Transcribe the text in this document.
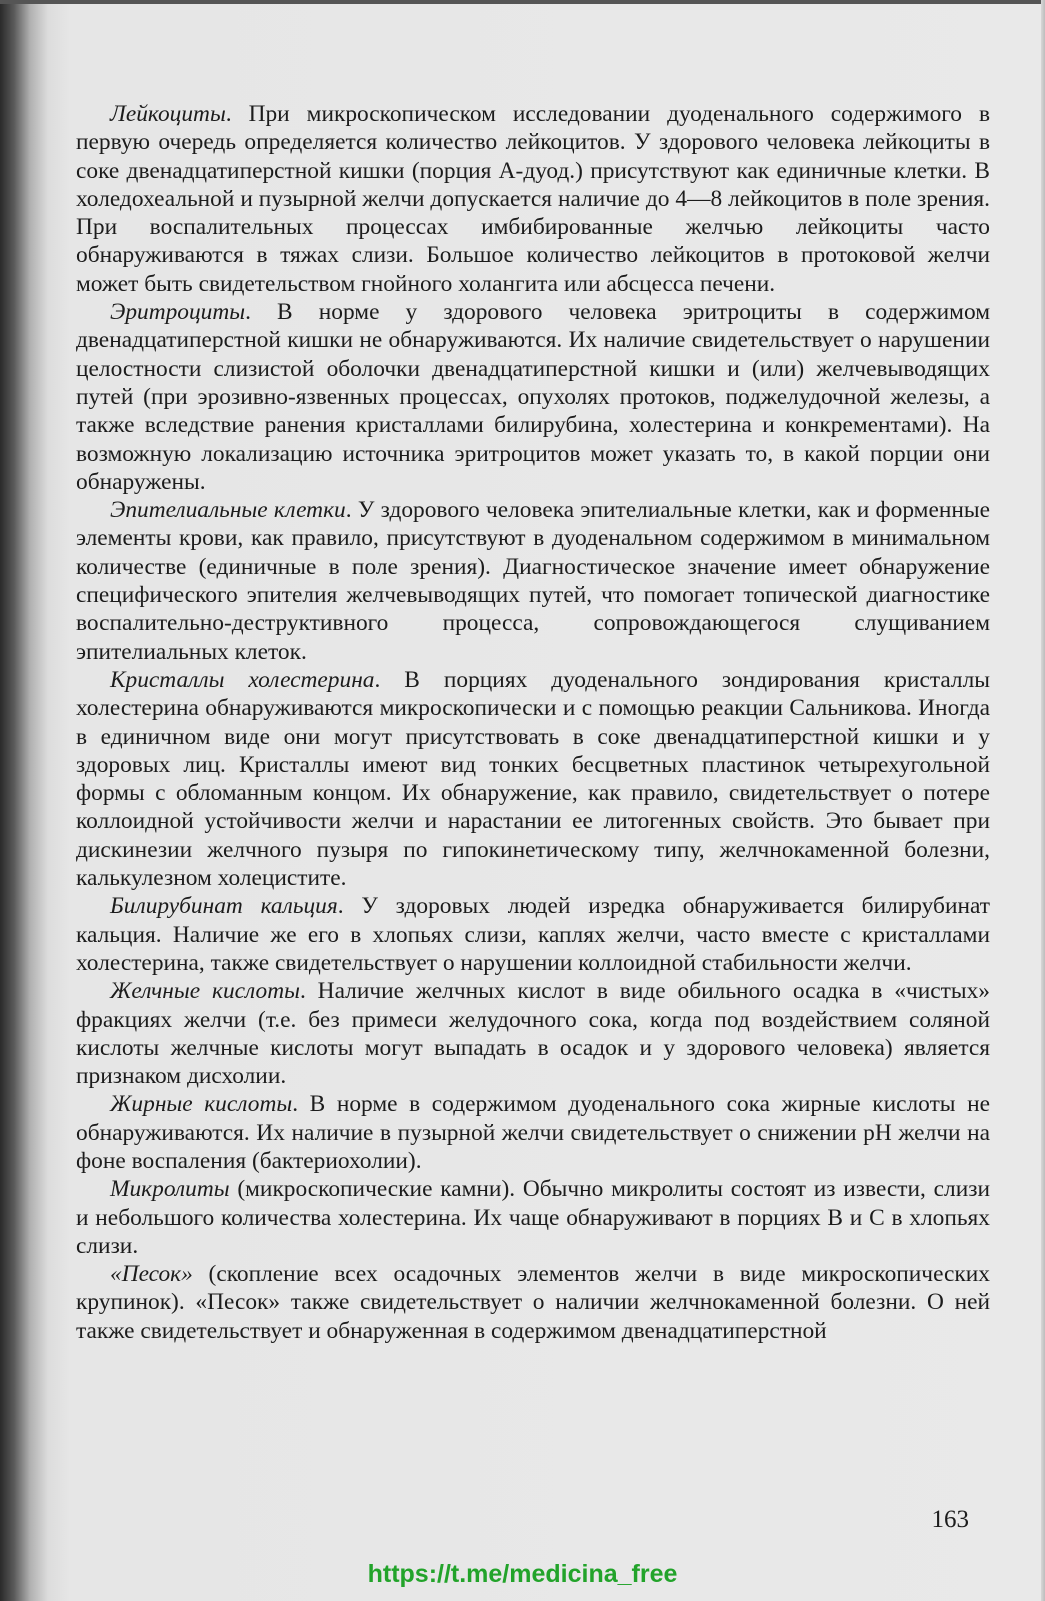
Лейкоциты. При микроскопическом исследовании дуоденального содержимого в первую очередь определяется количество лейкоцитов. У здорового человека лейкоциты в соке двенадцатиперстной кишки (порция А-дуод.) присутствуют как единичные клетки. В холедохеальной и пузырной желчи допускается наличие до 4—8 лейкоцитов в поле зрения. При воспалительных процессах имбибированные желчью лейкоциты часто обнаруживаются в тяжах слизи. Большое количество лейкоцитов в протоковой желчи может быть свидетельством гнойного холангита или абсцесса печени.

Эритроциты. В норме у здорового человека эритроциты в содержимом двенадцатиперстной кишки не обнаруживаются. Их наличие свидетельствует о нарушении целостности слизистой оболочки двенадцатиперстной кишки и (или) желчевыводящих путей (при эрозивно-язвенных процессах, опухолях протоков, поджелудочной железы, а также вследствие ранения кристаллами билирубина, холестерина и конкрементами). На возможную локализацию источника эритроцитов может указать то, в какой порции они обнаружены.

Эпителиальные клетки. У здорового человека эпителиальные клетки, как и форменные элементы крови, как правило, присутствуют в дуоденальном содержимом в минимальном количестве (единичные в поле зрения). Диагностическое значение имеет обнаружение специфического эпителия желчевыводящих путей, что помогает топической диагностике воспалительно-деструктивного процесса, сопровождающегося слущиванием эпителиальных клеток.

Кристаллы холестерина. В порциях дуоденального зондирования кристаллы холестерина обнаруживаются микроскопически и с помощью реакции Сальникова. Иногда в единичном виде они могут присутствовать в соке двенадцатиперстной кишки и у здоровых лиц. Кристаллы имеют вид тонких бесцветных пластинок четырехугольной формы с обломанным концом. Их обнаружение, как правило, свидетельствует о потере коллоидной устойчивости желчи и нарастании ее литогенных свойств. Это бывает при дискинезии желчного пузыря по гипокинетическому типу, желчнокаменной болезни, калькулезном холецистите.

Билирубинат кальция. У здоровых людей изредка обнаруживается билирубинат кальция. Наличие же его в хлопьях слизи, каплях желчи, часто вместе с кристаллами холестерина, также свидетельствует о нарушении коллоидной стабильности желчи.

Желчные кислоты. Наличие желчных кислот в виде обильного осадка в «чистых» фракциях желчи (т.е. без примеси желудочного сока, когда под воздействием соляной кислоты желчные кислоты могут выпадать в осадок и у здорового человека) является признаком дисхолии.

Жирные кислоты. В норме в содержимом дуоденального сока жирные кислоты не обнаруживаются. Их наличие в пузырной желчи свидетельствует о снижении pH желчи на фоне воспаления (бактериохолии).

Микролиты (микроскопические камни). Обычно микролиты состоят из извести, слизи и небольшого количества холестерина. Их чаще обнаруживают в порциях В и С в хлопьях слизи.

«Песок» (скопление всех осадочных элементов желчи в виде микроскопических крупинок). «Песок» также свидетельствует о наличии желчнокаменной болезни. О ней также свидетельствует и обнаруженная в содержимом двенадцатиперстной

163
https://t.me/medicina_free
